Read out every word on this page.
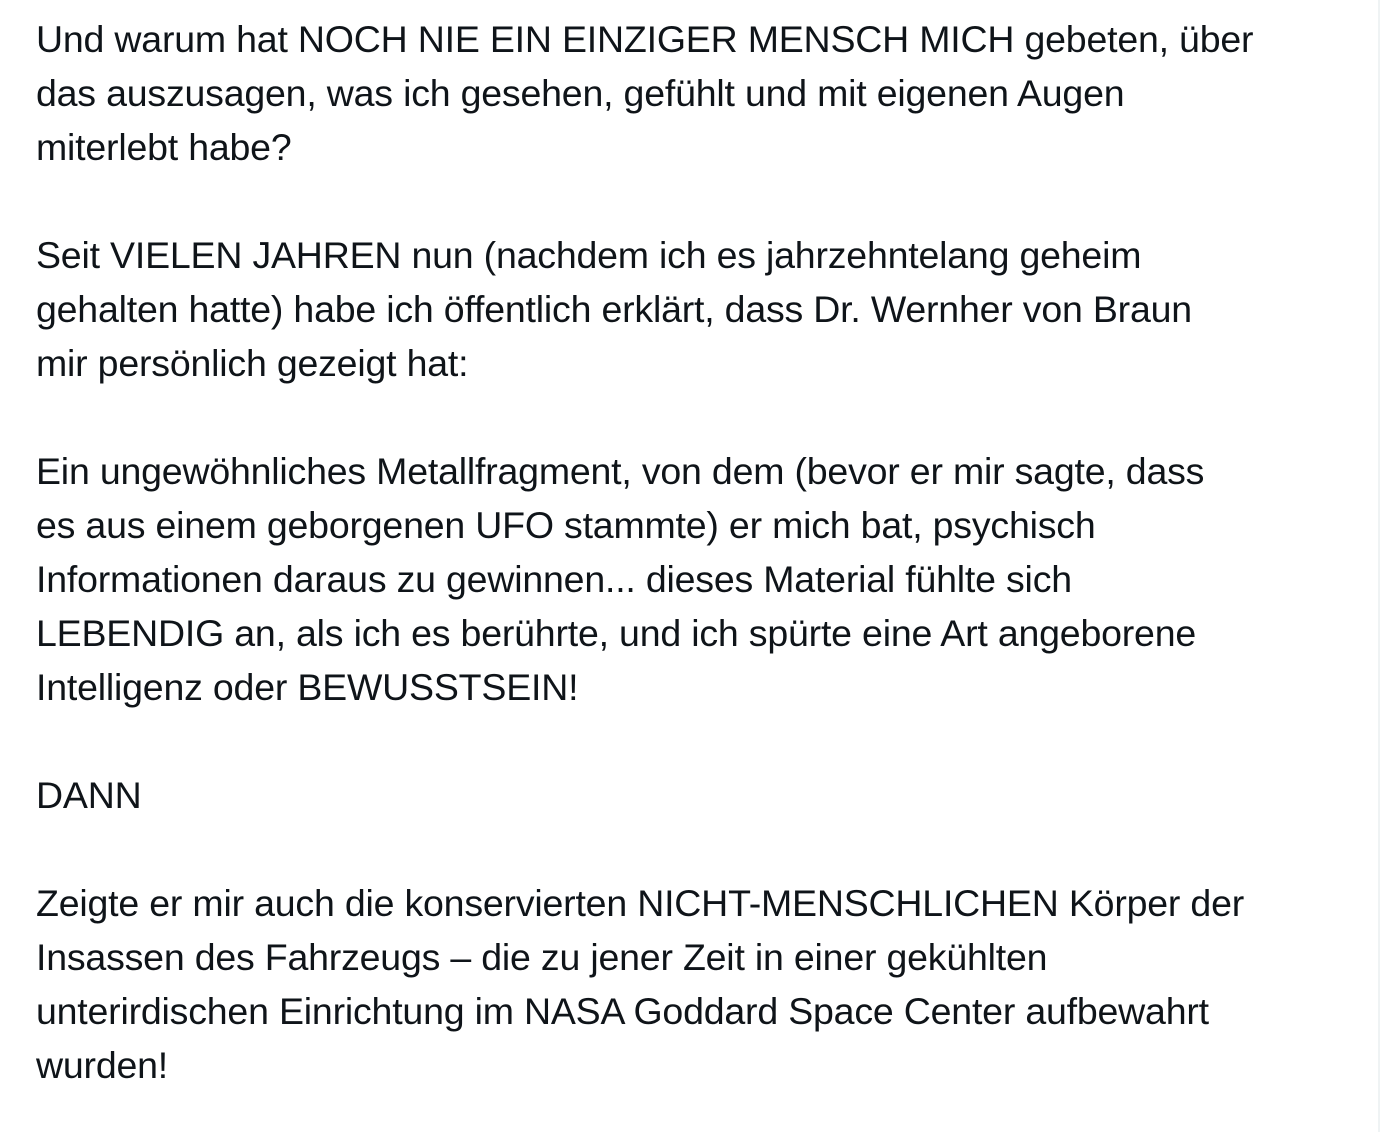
Und warum hat NOCH NIE EIN EINZIGER MENSCH MICH gebeten, über
das auszusagen, was ich gesehen, gefühlt und mit eigenen Augen
miterlebt habe?

Seit VIELEN JAHREN nun (nachdem ich es jahrzehntelang geheim
gehalten hatte) habe ich öffentlich erklärt, dass Dr. Wernher von Braun
mir persönlich gezeigt hat:

Ein ungewöhnliches Metallfragment, von dem (bevor er mir sagte, dass
es aus einem geborgenen UFO stammte) er mich bat, psychisch
Informationen daraus zu gewinnen... dieses Material fühlte sich
LEBENDIG an, als ich es berührte, und ich spürte eine Art angeborene
Intelligenz oder BEWUSSTSEIN!

DANN

Zeigte er mir auch die konservierten NICHT-MENSCHLICHEN Körper der
Insassen des Fahrzeugs – die zu jener Zeit in einer gekühlten
unterirdischen Einrichtung im NASA Goddard Space Center aufbewahrt
wurden!
